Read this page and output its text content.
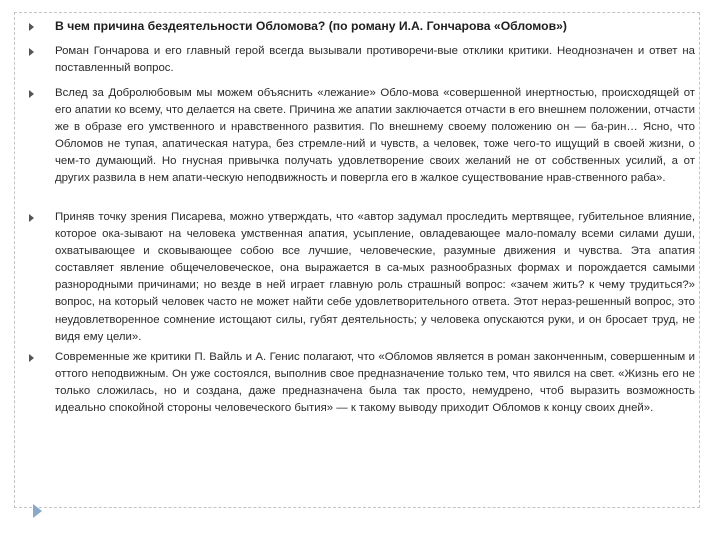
В чем причина бездеятельности Обломова? (по роману И.А. Гончарова «Обломов»)

Роман Гончарова и его главный герой всегда вызывали противоречи-вые отклики критики. Неоднозначен и ответ на поставленный вопрос.

Вслед за Добролюбовым мы можем объяснить «лежание» Обло-мова «совершенной инертностью, происходящей от его апатии ко всему, что делается на свете. Причина же апатии заключается отчасти в его внешнем положении, отчасти же в образе его умственного и нравственного развития. По внешнему своему положению он — ба-рин… Ясно, что Обломов не тупая, апатическая натура, без стремле-ний и чувств, а человек, тоже чего-то ищущий в своей жизни, о чем-то думающий. Но гнусная привычка получать удовлетворение своих желаний не от собственных усилий, а от других развила в нем апати-ческую неподвижность и повергла его в жалкое существование нрав-ственного раба».

Приняв точку зрения Писарева, можно утверждать, что «автор задумал проследить мертвящее, губительное влияние, которое ока-зывают на человека умственная апатия, усыпление, овладевающее мало-помалу всеми силами души, охватывающее и сковывающее собою все лучшие, человеческие, разумные движения и чувства. Эта апатия составляет явление общечеловеческое, она выражается в са-мых разнообразных формах и порождается самыми разнородными причинами; но везде в ней играет главную роль страшный вопрос: «зачем жить? к чему трудиться?» вопрос, на который человек часто не может найти себе удовлетворительного ответа. Этот нераз-решенный вопрос, это неудовлетворенное сомнение истощают силы, губят деятельность; у человека опускаются руки, и он бросает труд, не видя ему цели».

Современные же критики П. Вайль и А. Генис полагают, что «Обломов является в роман законченным, совершенным и оттого неподвижным. Он уже состоялся, выполнив свое предназначение только тем, что явился на свет. «Жизнь его не только сложилась, но и создана, даже предназначена была так просто, немудрено, чтоб выразить возможность идеально спокойной стороны человеческого бытия» — к такому выводу приходит Обломов к концу своих дней».
